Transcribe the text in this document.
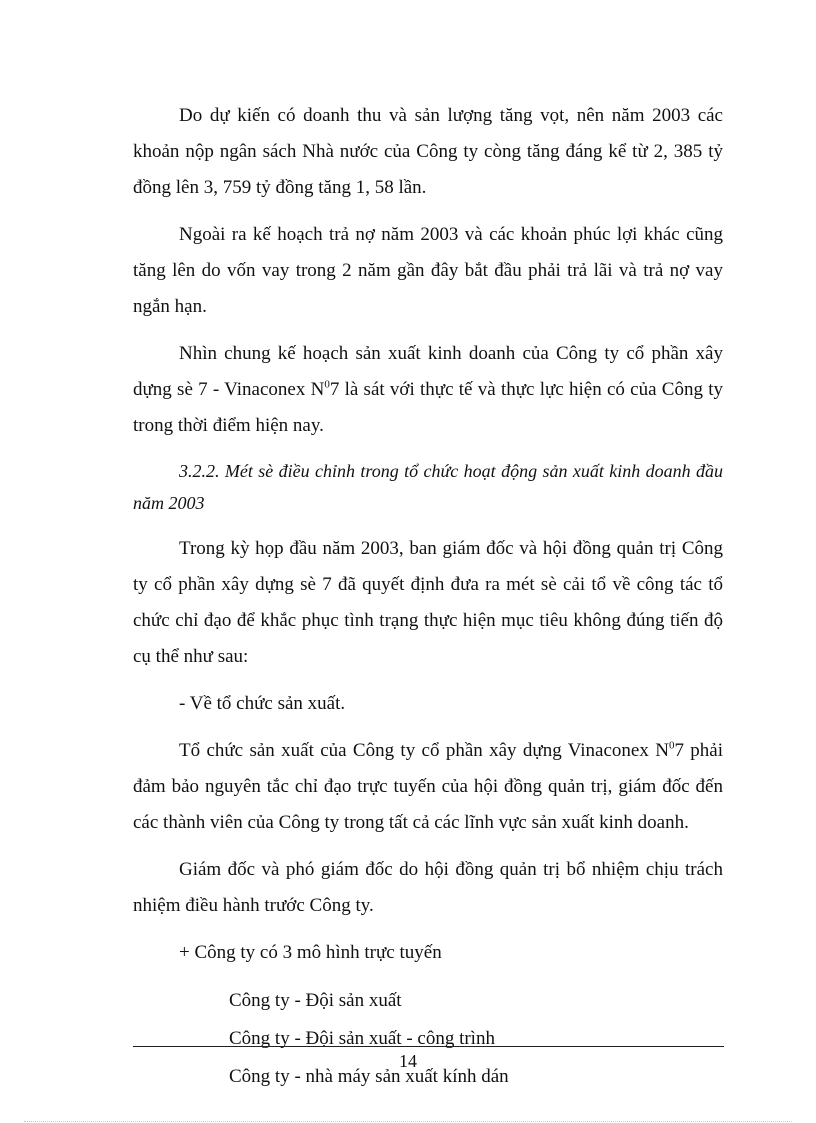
Do dự kiến có doanh thu và sản lượng tăng vọt, nên năm 2003 các khoản nộp ngân sách Nhà nước của Công ty còng tăng đáng kể từ 2, 385 tỷ đồng lên 3, 759 tỷ đồng tăng 1, 58 lần.

Ngoài ra kế hoạch trả nợ năm 2003 và các khoản phúc lợi khác cũng tăng lên do vốn vay trong 2 năm gần đây bắt đầu phải trả lãi và trả nợ vay ngắn hạn.

Nhìn chung kế hoạch sản xuất kinh doanh của Công ty cổ phần xây dựng sè 7 - Vinaconex $N^07$ là sát với thực tế và thực lực hiện có của Công ty trong thời điểm hiện nay.

3.2.2. Mét sè điều chỉnh trong tổ chức hoạt động sản xuất kinh doanh đầu năm 2003

Trong kỳ họp đầu năm 2003, ban giám đốc và hội đồng quản trị Công ty cổ phần xây dựng sè 7 đã quyết định đưa ra mét sè cải tổ về công tác tổ chức chỉ đạo để khắc phục tình trạng thực hiện mục tiêu không đúng tiến độ cụ thể như sau:

- Về tổ chức sản xuất.

Tổ chức sản xuất của Công ty cổ phần xây dựng Vinaconex $N^07$ phải đảm bảo nguyên tắc chỉ đạo trực tuyến của hội đồng quản trị, giám đốc đến các thành viên của Công ty trong tất cả các lĩnh vực sản xuất kinh doanh.

Giám đốc và phó giám đốc do hội đồng quản trị bổ nhiệm chịu trách nhiệm điều hành trước Công ty.

+ Công ty có 3 mô hình trực tuyến

Công ty - Đội sản xuất

Công ty - Đội sản xuất - công trình

Công ty - nhà máy sản xuất kính dán

14
